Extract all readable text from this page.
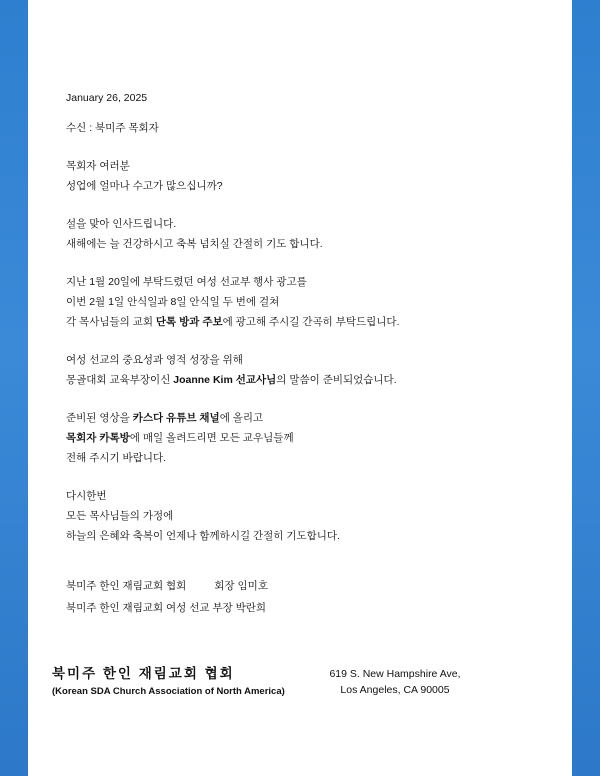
January 26, 2025
수신 : 북미주 목회자
목회자 여러분
성업에 얼마나 수고가 많으십니까?
설을 맞아 인사드립니다.
새해에는 늘 건강하시고 축복 넘치실 간절히 기도 합니다.
지난 1월 20일에 부탁드렸던 여성 선교부 행사 광고를
이번 2월 1일 안식일과 8일 안식일 두 번에 걸쳐
각 목사님들의 교회 단톡 방과 주보에 광고해 주시길 간곡히 부탁드립니다.
여성 선교의 중요성과 영적 성장을 위해
몽골대회 교육부장이신 Joanne Kim 선교사님의 말씀이 준비되었습니다.
준비된 영상을 카스다 유튜브 채널에 올리고
목회자 카톡방에 매일 올려드리면 모든 교우님들께
전해 주시기 바랍니다.
다시한번
모든 목사님들의 가정에
하늘의 은혜와 축복이 언제나 함께하시길 간절히 기도합니다.
북미주 한인 재림교회 협회	회장 임미호
북미주 한인 재림교회 여성 선교 부장 박란희
북미주 한인 재림교회 협회
(Korean SDA Church Association of North America)
619 S. New Hampshire Ave,
Los Angeles, CA 90005
